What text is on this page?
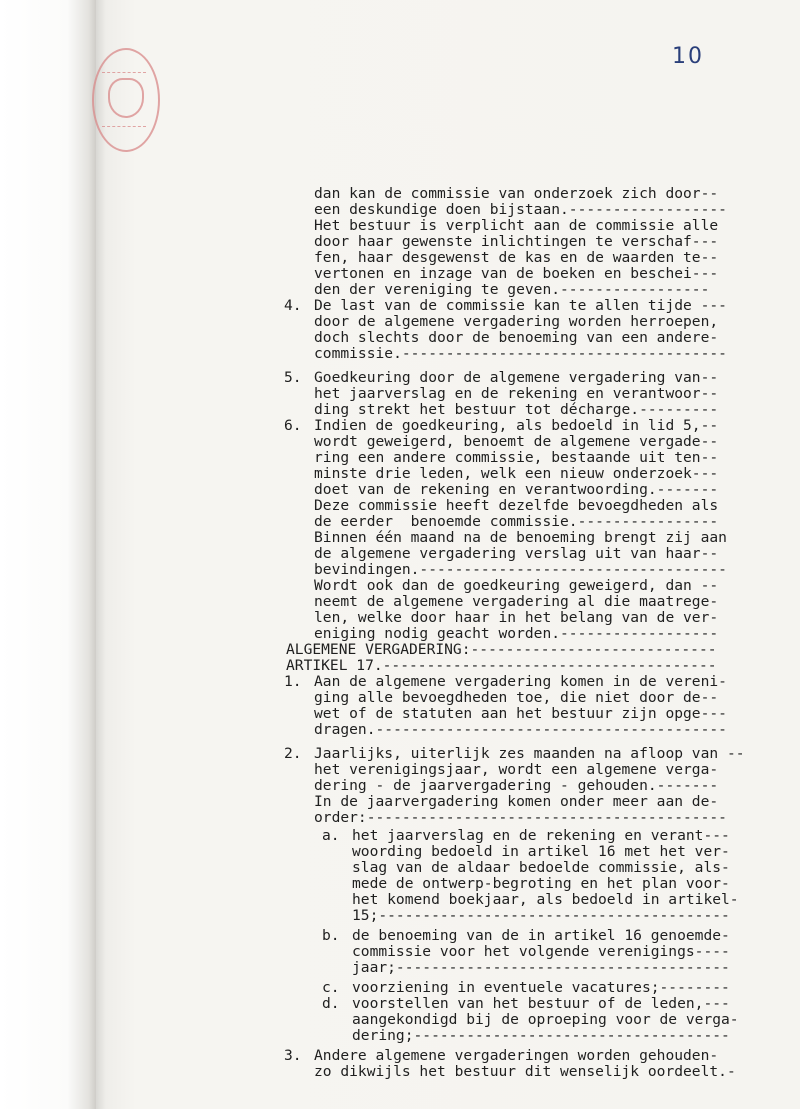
10
dan kan de commissie van onderzoek zich door--
een deskundige doen bijstaan.------------------
Het bestuur is verplicht aan de commissie alle
door haar gewenste inlichtingen te verschaf---
fen, haar desgewenst de kas en de waarden te--
vertonen en inzage van de boeken en beschei---
den der vereniging te geven.-----------------
4. De last van de commissie kan te allen tijde ---
door de algemene vergadering worden herroepen,
doch slechts door de benoeming van een andere-
commissie.-------------------------------------
5. Goedkeuring door de algemene vergadering van--
het jaarverslag en de rekening en verantwoor--
ding strekt het bestuur tot décharge.---------
6. Indien de goedkeuring, als bedoeld in lid 5,--
wordt geweigerd, benoemt de algemene vergade--
ring een andere commissie, bestaande uit ten--
minste drie leden, welk een nieuw onderzoek---
doet van de rekening en verantwoording.-------
Deze commissie heeft dezelfde bevoegdheden als
de eerder  benoemde commissie.----------------
Binnen één maand na de benoeming brengt zij aan
de algemene vergadering verslag uit van haar--
bevindingen.-----------------------------------
Wordt ook dan de goedkeuring geweigerd, dan --
neemt de algemene vergadering al die maatrege-
len, welke door haar in het belang van de ver-
eniging nodig geacht worden.------------------
ALGEMENE VERGADERING:----------------------------
ARTIKEL 17.--------------------------------------
1. Aan de algemene vergadering komen in de vereni-
ging alle bevoegdheden toe, die niet door de--
wet of de statuten aan het bestuur zijn opge---
dragen.----------------------------------------
2. Jaarlijks, uiterlijk zes maanden na afloop van --
het verenigingsjaar, wordt een algemene verga-
dering - de jaarvergadering - gehouden.-------
In de jaarvergadering komen onder meer aan de-
order:-----------------------------------------
a. het jaarverslag en de rekening en verant---
woording bedoeld in artikel 16 met het ver-
slag van de aldaar bedoelde commissie, als-
mede de ontwerp-begroting en het plan voor-
het komend boekjaar, als bedoeld in artikel-
15;----------------------------------------
b. de benoeming van de in artikel 16 genoemde-
commissie voor het volgende verenigings----
jaar;--------------------------------------
c. voorziening in eventuele vacatures;--------
d. voorstellen van het bestuur of de leden,---
aangekondigd bij de oproeping voor de verga-
dering;------------------------------------
3. Andere algemene vergaderingen worden gehouden-
zo dikwijls het bestuur dit wenselijk oordeelt.-
